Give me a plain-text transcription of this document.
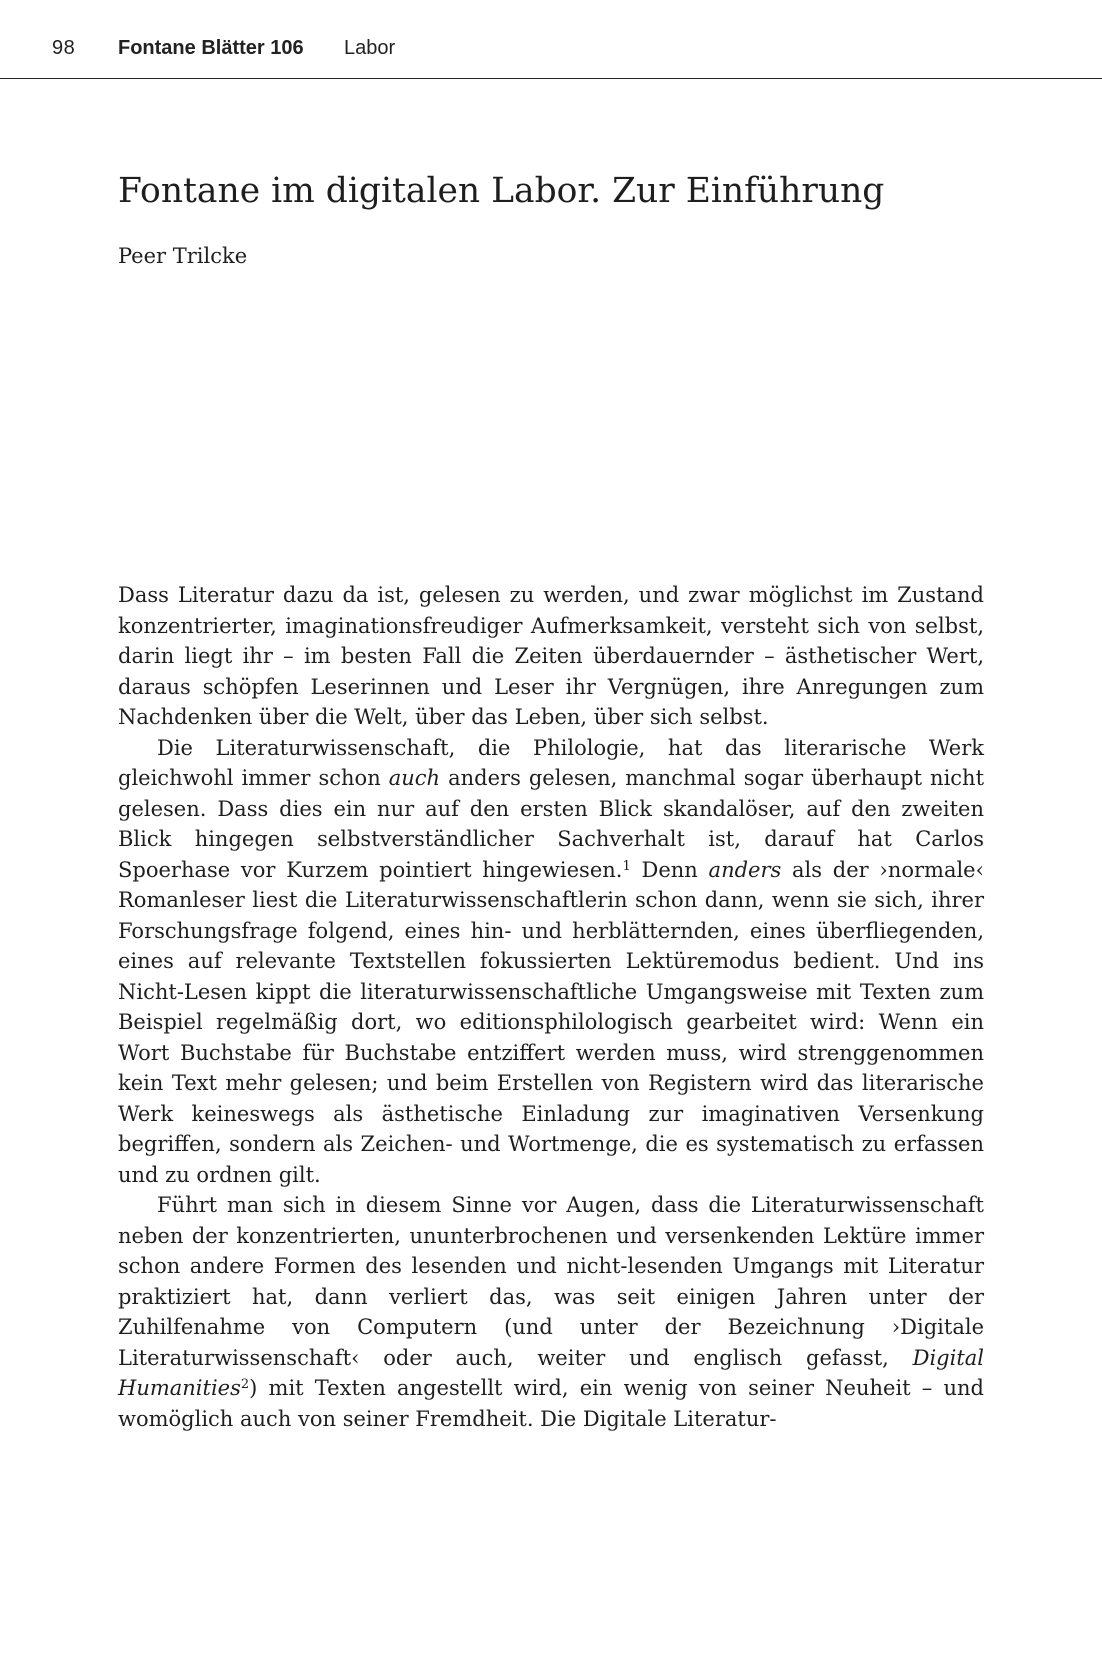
98 Fontane Blätter 106 Labor
Fontane im digitalen Labor. Zur Einführung
Peer Trilcke

Dass Literatur dazu da ist, gelesen zu werden, und zwar möglichst im Zustand konzentrierter, imaginationsfreudiger Aufmerksamkeit, versteht sich von selbst, darin liegt ihr – im besten Fall die Zeiten überdauernder – ästhetischer Wert, daraus schöpfen Leserinnen und Leser ihr Vergnügen, ihre Anregungen zum Nachdenken über die Welt, über das Leben, über sich selbst.

Die Literaturwissenschaft, die Philologie, hat das literarische Werk gleichwohl immer schon auch anders gelesen, manchmal sogar überhaupt nicht gelesen. Dass dies ein nur auf den ersten Blick skandalöser, auf den zweiten Blick hingegen selbstverständlicher Sachverhalt ist, darauf hat Carlos Spoerhase vor Kurzem pointiert hingewiesen.$^1$ Denn anders als der ›normale‹ Romanleser liest die Literaturwissenschaftlerin schon dann, wenn sie sich, ihrer Forschungsfrage folgend, eines hin- und herblätternden, eines überfliegenden, eines auf relevante Textstellen fokussierten Lektüremodus bedient. Und ins Nicht-Lesen kippt die literaturwissenschaftliche Umgangsweise mit Texten zum Beispiel regelmäßig dort, wo editionsphilologisch gearbeitet wird: Wenn ein Wort Buchstabe für Buchstabe entziffert werden muss, wird strenggenommen kein Text mehr gelesen; und beim Erstellen von Registern wird das literarische Werk keineswegs als ästhetische Einladung zur imaginativen Versenkung begriffen, sondern als Zeichen- und Wortmenge, die es systematisch zu erfassen und zu ordnen gilt.

Führt man sich in diesem Sinne vor Augen, dass die Literaturwissenschaft neben der konzentrierten, ununterbrochenen und versenkenden Lektüre immer schon andere Formen des lesenden und nicht-lesenden Umgangs mit Literatur praktiziert hat, dann verliert das, was seit einigen Jahren unter der Zuhilfenahme von Computern (und unter der Bezeichnung ›Digitale Literaturwissenschaft‹ oder auch, weiter und englisch gefasst, Digital Humanities$^2$) mit Texten angestellt wird, ein wenig von seiner Neuheit – und womöglich auch von seiner Fremdheit. Die Digitale Literatur-
